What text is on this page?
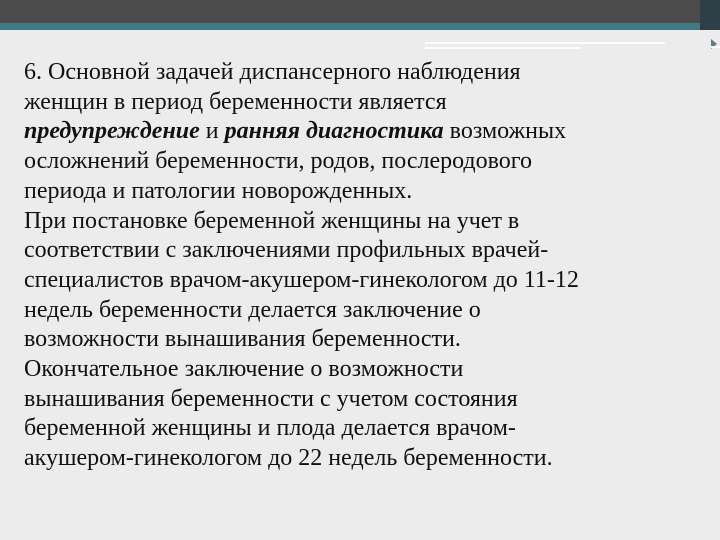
6. Основной задачей диспансерного наблюдения
женщин в период беременности является
предупреждение и ранняя диагностика возможных
осложнений беременности, родов, послеродового
периода и патологии новорожденных.
При постановке беременной женщины на учет в
соответствии с заключениями профильных врачей-
специалистов врачом-акушером-гинекологом до 11-12
недель беременности делается заключение о
возможности вынашивания беременности.
Окончательное заключение о возможности
вынашивания беременности с учетом состояния
беременной женщины и плода делается врачом-
акушером-гинекологом до 22 недель беременности.
